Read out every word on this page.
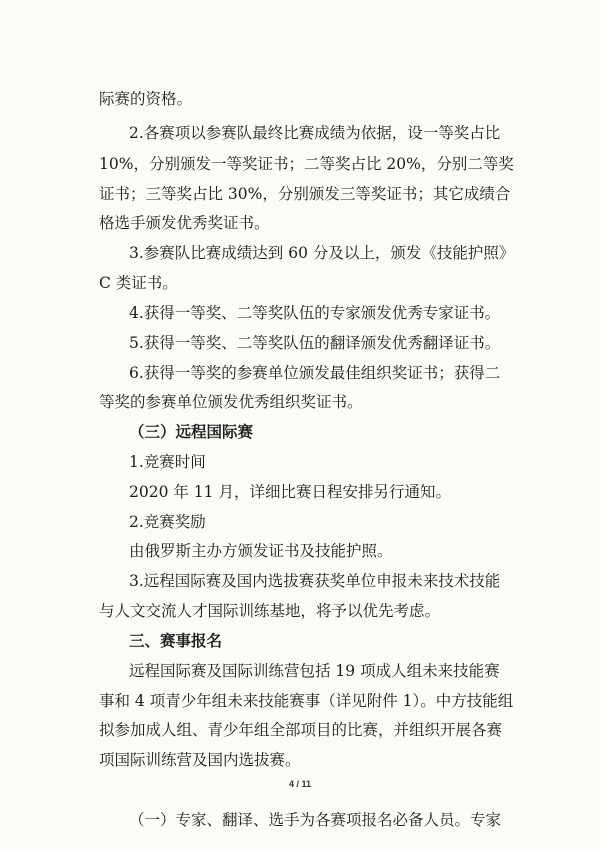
际赛的资格。
2.各赛项以参赛队最终比赛成绩为依据，设一等奖占比
10%，分别颁发一等奖证书；二等奖占比 20%，分别二等奖
证书；三等奖占比 30%，分别颁发三等奖证书；其它成绩合
格选手颁发优秀奖证书。
3.参赛队比赛成绩达到 60 分及以上，颁发《技能护照》
C 类证书。
4.获得一等奖、二等奖队伍的专家颁发优秀专家证书。
5.获得一等奖、二等奖队伍的翻译颁发优秀翻译证书。
6.获得一等奖的参赛单位颁发最佳组织奖证书；获得二
等奖的参赛单位颁发优秀组织奖证书。
（三）远程国际赛
1.竞赛时间
2020 年 11 月，详细比赛日程安排另行通知。
2.竞赛奖励
由俄罗斯主办方颁发证书及技能护照。
3.远程国际赛及国内选拔赛获奖单位申报未来技术技能
与人文交流人才国际训练基地，将予以优先考虑。
三、赛事报名
远程国际赛及国际训练营包括 19 项成人组未来技能赛
事和 4 项青少年组未来技能赛事（详见附件 1）。中方技能组
拟参加成人组、青少年组全部项目的比赛，并组织开展各赛
项国际训练营及国内选拔赛。
（一）专家、翻译、选手为各赛项报名必备人员。专家
4 / 11
